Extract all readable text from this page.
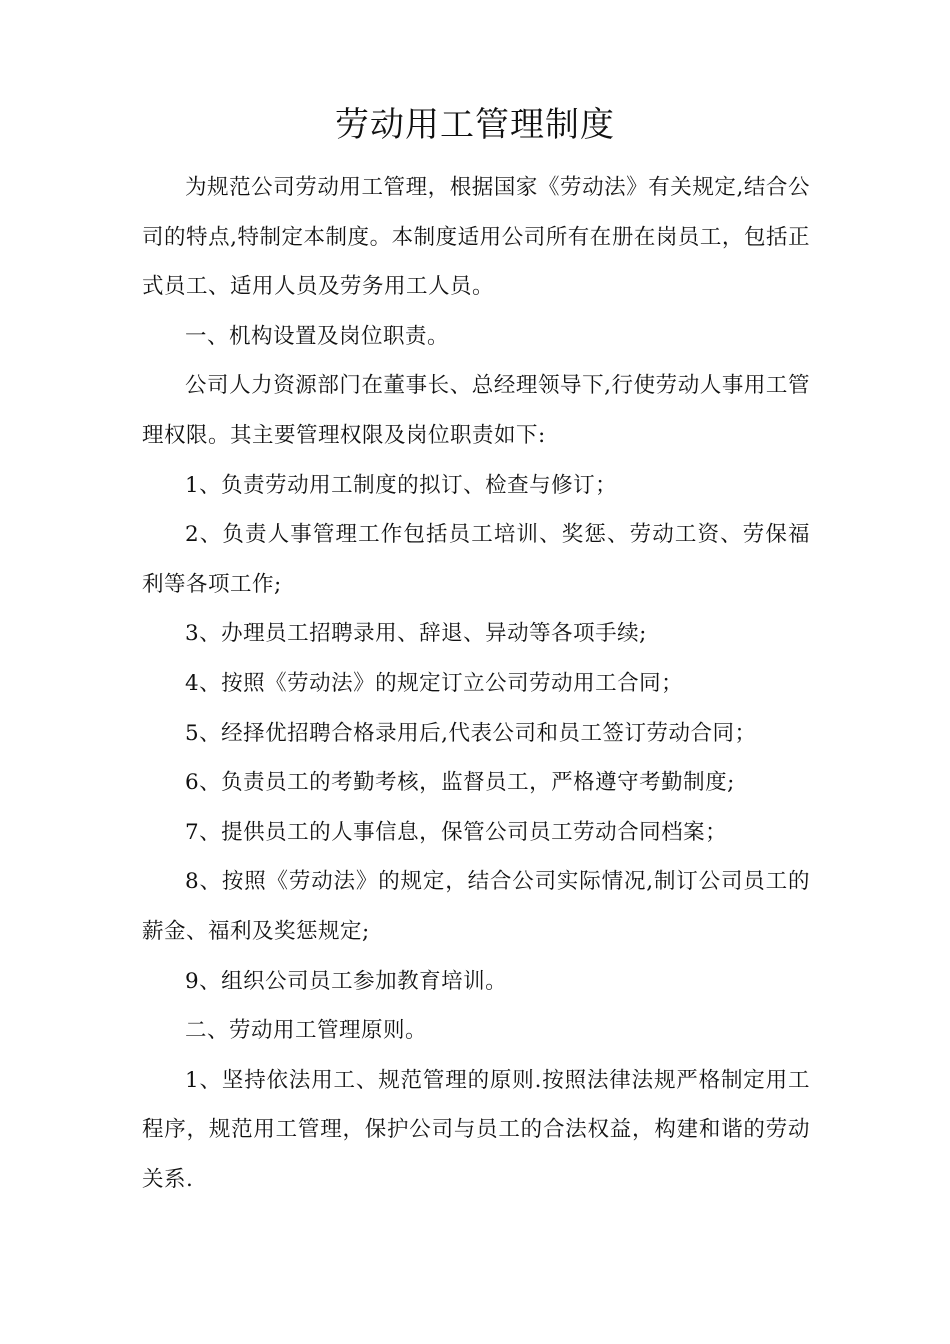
劳动用工管理制度

为规范公司劳动用工管理，根据国家《劳动法》有关规定,结合公司的特点,特制定本制度。本制度适用公司所有在册在岗员工，包括正式员工、适用人员及劳务用工人员。

一、机构设置及岗位职责。

公司人力资源部门在董事长、总经理领导下,行使劳动人事用工管理权限。其主要管理权限及岗位职责如下:

1、负责劳动用工制度的拟订、检查与修订；

2、负责人事管理工作包括员工培训、奖惩、劳动工资、劳保福利等各项工作;

3、办理员工招聘录用、辞退、异动等各项手续;

4、按照《劳动法》的规定订立公司劳动用工合同；

5、经择优招聘合格录用后,代表公司和员工签订劳动合同；

6、负责员工的考勤考核，监督员工，严格遵守考勤制度;

7、提供员工的人事信息，保管公司员工劳动合同档案；

8、按照《劳动法》的规定，结合公司实际情况,制订公司员工的薪金、福利及奖惩规定;

9、组织公司员工参加教育培训。

二、劳动用工管理原则。

1、坚持依法用工、规范管理的原则.按照法律法规严格制定用工程序，规范用工管理，保护公司与员工的合法权益，构建和谐的劳动关系.
